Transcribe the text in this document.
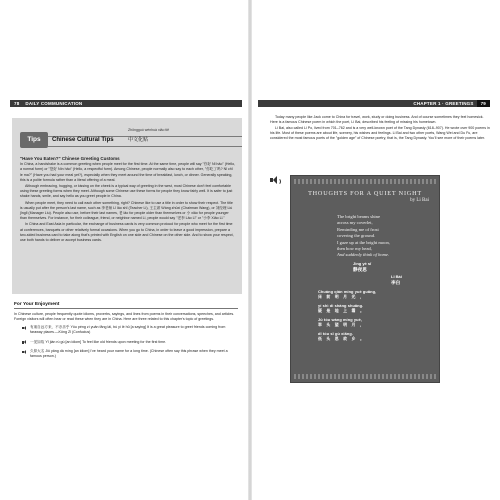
78 DAILY COMMUNICATION
Tips
Zhōngguó wénhuà xiǎo tiē
Chinese Cultural Tips	中文化贴
"Have You Eaten?" Chinese Greeting Customs

In China, a handshake is a common greeting when people meet for the first time. At the same time, people will say "你好 Nǐ hǎo" (Hello, a normal form) or "您好 Nín hǎo" (Hello, a respectful form). Among Chinese, people normally also say to each other, "你吃了吗? Nǐ chī le ma?" (Have you had your meal yet?), especially when they meet around the time of breakfast, lunch, or dinner. Generally speaking, this is a polite formula rather than a literal offering of a meal.

Although embracing, hugging, or kissing on the cheek is a typical way of greeting in the west, most Chinese don't feel comfortable using these greeting forms when they meet. Although some Chinese use these forms for people they know fairly well. It is safer to just shake hands, smile, and say hello as you greet people in China.

When people meet, they need to call each other something, right? Chinese like to use a title in order to show their respect. The title is usually put after the person's last name, such as 李老师 Lǐ lǎo shī (Teacher Li), 王主席 Wáng zhǔxí (Chairman Wang), or 刘经理 Liú jīnglǐ (Manager Liu). People also use, before their last names, 老 lǎo for people older than themselves or 小 xiǎo for people younger than themselves. For instance, for their colleague, friend, or neighbor named Li, people would say "老李 Lǎo Lǐ" or "小李 Xiǎo Lǐ."

In China and East Asia in particular, the exchange of business cards is very common protocol for people who meet for the first time at conferences, banquets or other relatively formal occasions. When you go to China, in order to leave a good impression, prepare a two-sided business card to take along that's printed with English on one side and Chinese on the other side. And to show your respect, use both hands to deliver or accept business cards.

For Your Enjoyment
In Chinese culture, people frequently quote idioms, proverbs, sayings, and lines from poems in their conversations, speeches, and articles. Foreign visitors will often hear or read these when they are in China. Here are three related to this chapter's topic of greetings.
有朋自远方来，不亦乐乎 Yǒu péng zì yuǎn fāng lái, bù yì lè hū [a saying] It is a great pleasure to greet friends coming from faraway places.—Kǒng Zǐ (Confucius)
一见如故 Yī jiàn rú gù [an idiom] To feel like old friends upon meeting for the first time.
久仰大名 Jiǔ yǎng dà míng [an idiom] I've heard your name for a long time. (Chinese often say this phrase when they meet a famous person.)
79
CHAPTER 1 · GREETINGS

Today many people like Jack come to China for travel, work, study or doing business. And of course sometimes they feel homesick. Here is a famous Chinese poem in which the poet, Li Bai, described his feeling of missing his hometown.

Li Bai, also called Li Po, lived from 701–762 and is a very well-known poet of the Tang Dynasty (618–907). He wrote over 900 poems in his life. Most of these poems are about life, scenery, his wishes and feelings. Li Bai and two other poets, Wang Wei and Du Fu, are considered the most famous poets of the "golden age" of Chinese poetry, that is, the Tang Dynasty. You'll see more of their poems later.

THOUGHTS FOR A QUIET NIGHT
by Li Bai
The bright beams shine
across my coverlet,
Reminding me of frost
covering the ground.
I gaze up at the bright moon,
then bow my head,
And suddenly think of home.
Jìng yè sī
静夜思
Lǐ Bái
李白
Chuáng qián míng yuè guāng,
床前明月光，
yí shì dì shàng shuāng.
疑是地上霜。
Jǔ tóu wàng míng yuè,
举头望明月，
dī tóu sī gù xiāng.
低头思故乡。
